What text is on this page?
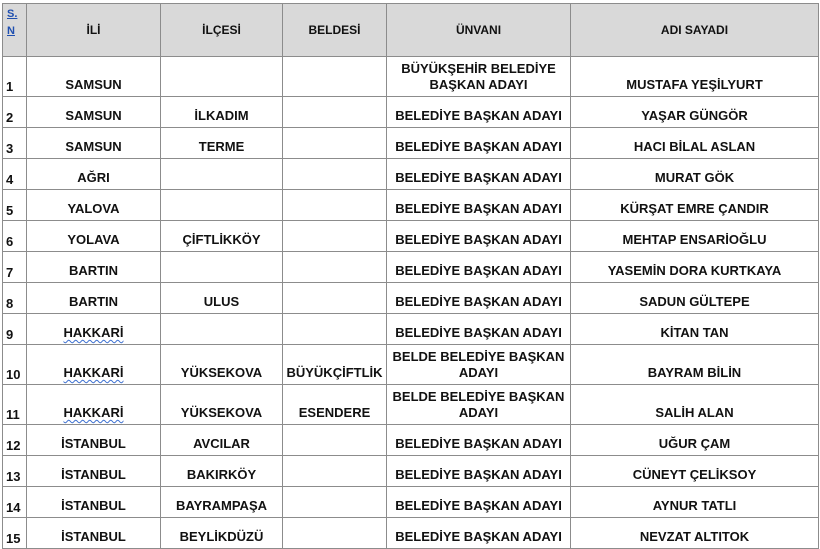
S.
N	İLİ	İLÇESİ	BELDESİ	ÜNVANI	ADI SAYADI
1	SAMSUN			BÜYÜKŞEHİR BELEDİYE BAŞKAN ADAYI	MUSTAFA YEŞİLYURT
2	SAMSUN	İLKADIM		BELEDİYE BAŞKAN ADAYI	YAŞAR GÜNGÖR
3	SAMSUN	TERME		BELEDİYE BAŞKAN ADAYI	HACI BİLAL ASLAN
4	AĞRI			BELEDİYE BAŞKAN ADAYI	MURAT GÖK
5	YALOVA			BELEDİYE BAŞKAN ADAYI	KÜRŞAT EMRE ÇANDIR
6	YOLAVA	ÇİFTLİKKÖY		BELEDİYE BAŞKAN ADAYI	MEHTAP ENSARİOĞLU
7	BARTIN			BELEDİYE BAŞKAN ADAYI	YASEMİN DORA KURTKAYA
8	BARTIN	ULUS		BELEDİYE BAŞKAN ADAYI	SADUN GÜLTEPE
9	HAKKARİ			BELEDİYE BAŞKAN ADAYI	KİTAN TAN
10	HAKKARİ	YÜKSEKOVA	BÜYÜKÇİFTLİK	BELDE BELEDİYE BAŞKAN ADAYI	BAYRAM BİLİN
11	HAKKARİ	YÜKSEKOVA	ESENDERE	BELDE BELEDİYE BAŞKAN ADAYI	SALİH ALAN
12	İSTANBUL	AVCILAR		BELEDİYE BAŞKAN ADAYI	UĞUR ÇAM
13	İSTANBUL	BAKIRKÖY		BELEDİYE BAŞKAN ADAYI	CÜNEYT ÇELİKSOY
14	İSTANBUL	BAYRAMPAŞA		BELEDİYE BAŞKAN ADAYI	AYNUR TATLI
15	İSTANBUL	BEYLİKDÜZÜ		BELEDİYE BAŞKAN ADAYI	NEVZAT ALTITOK
